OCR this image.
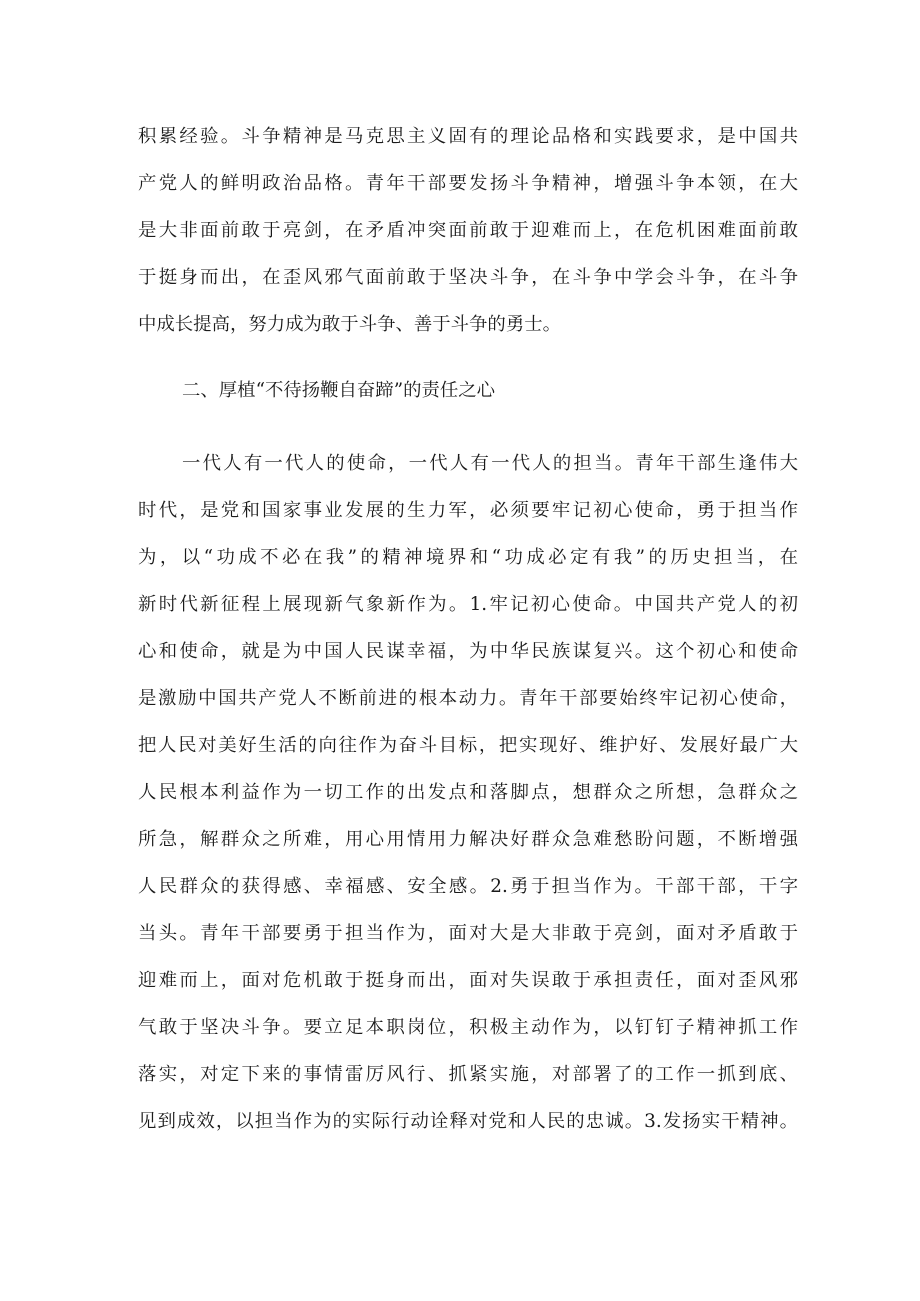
积累经验。斗争精神是马克思主义固有的理论品格和实践要求，是中国共

产党人的鲜明政治品格。青年干部要发扬斗争精神，增强斗争本领，在大

是大非面前敢于亮剑，在矛盾冲突面前敢于迎难而上，在危机困难面前敢

于挺身而出，在歪风邪气面前敢于坚决斗争，在斗争中学会斗争，在斗争

中成长提高，努力成为敢于斗争、善于斗争的勇士。

二、厚植“不待扬鞭自奋蹄”的责任之心

一代人有一代人的使命，一代人有一代人的担当。青年干部生逢伟大

时代，是党和国家事业发展的生力军，必须要牢记初心使命，勇于担当作

为，以“功成不必在我”的精神境界和“功成必定有我”的历史担当，在

新时代新征程上展现新气象新作为。1.牢记初心使命。中国共产党人的初

心和使命，就是为中国人民谋幸福，为中华民族谋复兴。这个初心和使命

是激励中国共产党人不断前进的根本动力。青年干部要始终牢记初心使命，

把人民对美好生活的向往作为奋斗目标，把实现好、维护好、发展好最广大

人民根本利益作为一切工作的出发点和落脚点，想群众之所想，急群众之

所急，解群众之所难，用心用情用力解决好群众急难愁盼问题，不断增强

人民群众的获得感、幸福感、安全感。2.勇于担当作为。干部干部，干字

当头。青年干部要勇于担当作为，面对大是大非敢于亮剑，面对矛盾敢于

迎难而上，面对危机敢于挺身而出，面对失误敢于承担责任，面对歪风邪

气敢于坚决斗争。要立足本职岗位，积极主动作为，以钉钉子精神抓工作

落实，对定下来的事情雷厉风行、抓紧实施，对部署了的工作一抓到底、

见到成效，以担当作为的实际行动诠释对党和人民的忠诚。3.发扬实干精神。
